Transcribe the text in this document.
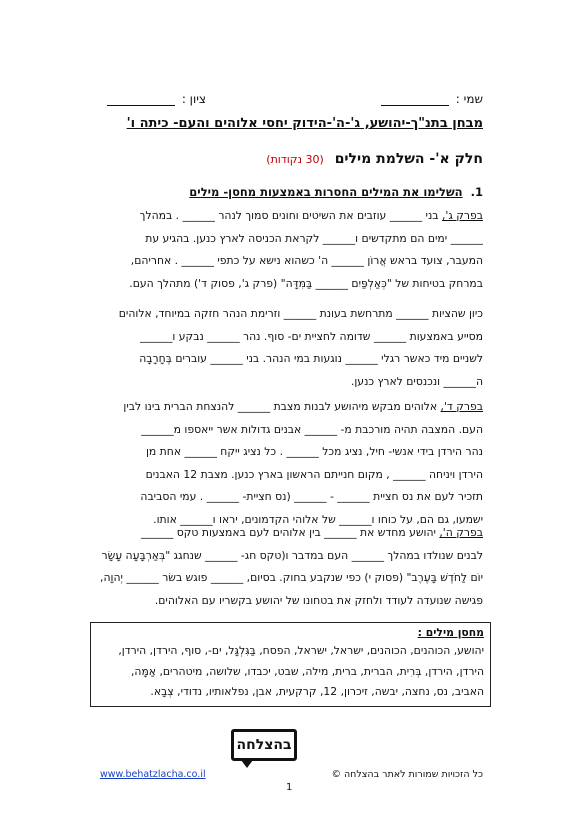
שמי :
ציון :
מבחן בתנ"ך-יהושע, ג'-ה'-הידוק יחסי אלוהים והעם- כיתה ו'
חלק א'- השלמת מילים (30 נקודות)
1. השלימו את המילים החסרות באמצעות מחסן- מילים
בפרק ג', בני ______ עוזבים את השיטים וחונים סמוך לנהר ______ . במהלך
______ ימים הם מתקדשים ו______ לקראת הכניסה לארץ כנען. בהגיע עת
המעבר, צועד בראש אֲרוֹן ______ ה' כשהוא נישא על כתפי ______ . אחריהם,
במרחק בטיחות של "כְּאַלְפַּיִם ______ בַּמִּדָּה" (פרק ג', פסוק ד') מתהלך העם.
כיון שהציות ______ מתרחשת בעונת ______ וזרימת הנהר חזקה במיוחד, אלוהים
מסייע באמצעות ______ שדומה לחציית ים- סוף. נהר ______ נבקע ו______
לשניים מיד כאשר רגלי ______ נוגעות במי הנהר. בני ______ עוברים בֶּחָרָבָה
ה______ ונכנסים לארץ כנען.
בפרק ד', אלוהים מבקש מיהושע לבנות מצבת ______ להנצחת הברית בינו לבין
העם. המצבה תהיה מורכבת מ- ______ אבנים גדולות אשר ייאספו מ______
נהר הירדן בידי אנשי- חיל, נציג מכל ______ . כל נציג ייקח ______ אחת מן
הירדן ויניחה ______ , מקום חנייתם הראשון בארץ כנען. מצבת 12 האבנים
תזכיר לעם את נס חציית ______ - ______ (נס חציית- ______ . עמי הסביבה
ישמעו, גם הם, על כוחו ו______ של אלוהי הקדמונים, יראו ו______ אותו.
בפרק ה', יהושע מחדש את ______ בין אלוהים לעם באמצעות טקס ______
לבנים שנולדו במהלך ______ העם במדבר ו(טקס חג- ______ שנחגג "בְּאַרְבָּעָה עָשָׂר
יוֹם לַחֹדֶשׁ בָּעֶרֶב" (פסוק י) כפי שנקבע בחוק. בסיום, ______ פוגש בשׂר ______ יְהוָה,
פגישה שנועדה לעודד ולחזק את בטחונו של יהושע בקשריו עם האלוהים.
מחסן מילים :
יהושע, הכוהנים, הכוהנים, ישראל, ישראל, הפסח, בַּגִּלְגָּל, ים-, סוף, הירדן, הירדן,
הירדן, הירדן, בְּרִית, הברית, ברית, מילה, שבט, יכבדו, שלושה, מיטהרים, אַמָּה,
האביב, נס, נחצה, יבשה, זיכרון, 12, קרקעית, אבן, נפלאותיו, נדודי, צְבָא.
בהצלחה
www.behatzlacha.co.il	כל הזכויות שמורות לאתר בהצלחה ©
1
